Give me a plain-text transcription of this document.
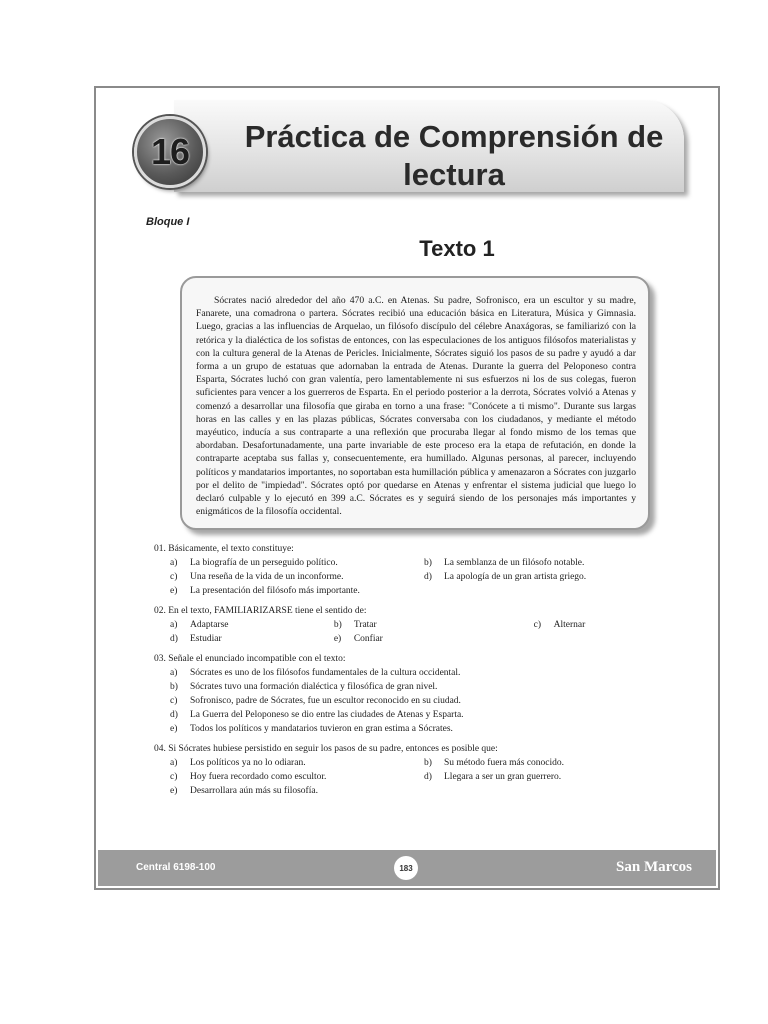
16	Práctica de Comprensión de
lectura
Bloque I
Texto 1
Sócrates nació alrededor del año 470 a.C. en Atenas. Su padre, Sofronisco, era un escultor y su madre, Fanarete, una comadrona o partera. Sócrates recibió una educación básica en Literatura, Música y Gimnasia. Luego, gracias a las influencias de Arquelao, un filósofo discípulo del célebre Anaxágoras, se familiarizó con la retórica y la dialéctica de los sofistas de entonces, con las especulaciones de los antiguos filósofos materialistas y con la cultura general de la Atenas de Pericles. Inicialmente, Sócrates siguió los pasos de su padre y ayudó a dar forma a un grupo de estatuas que adornaban la entrada de Atenas. Durante la guerra del Peloponeso contra Esparta, Sócrates luchó con gran valentía, pero lamentablemente ni sus esfuerzos ni los de sus colegas, fueron suficientes para vencer a los guerreros de Esparta. En el periodo posterior a la derrota, Sócrates volvió a Atenas y comenzó a desarrollar una filosofía que giraba en torno a una frase: "Conócete a ti mismo". Durante sus largas horas en las calles y en las plazas públicas, Sócrates conversaba con los ciudadanos, y mediante el método mayéutico, inducía a sus contraparte a una reflexión que procuraba llegar al fondo mismo de los temas que abordaban. Desafortunadamente, una parte invariable de este proceso era la etapa de refutación, en donde la contraparte aceptaba sus fallas y, consecuentemente, era humillado. Algunas personas, al parecer, incluyendo políticos y mandatarios importantes, no soportaban esta humillación pública y amenazaron a Sócrates con juzgarlo por el delito de "impiedad". Sócrates optó por quedarse en Atenas y enfrentar el sistema judicial que luego lo declaró culpable y lo ejecutó en 399 a.C. Sócrates es y seguirá siendo de los personajes más importantes y enigmáticos de la filosofía occidental.
01. Básicamente, el texto constituye:
a) La biografía de un perseguido político.	b) La semblanza de un filósofo notable.
c) Una reseña de la vida de un inconforme.	d) La apología de un gran artista griego.
e) La presentación del filósofo más importante.
02. En el texto, FAMILIARIZARSE tiene el sentido de:
a) Adaptarse	b) Tratar	c) Alternar
d) Estudiar	e) Confiar
03. Señale el enunciado incompatible con el texto:
a) Sócrates es uno de los filósofos fundamentales de la cultura occidental.
b) Sócrates tuvo una formación dialéctica y filosófica de gran nivel.
c) Sofronisco, padre de Sócrates, fue un escultor reconocido en su ciudad.
d) La Guerra del Peloponeso se dio entre las ciudades de Atenas y Esparta.
e) Todos los políticos y mandatarios tuvieron en gran estima a Sócrates.
04. Si Sócrates hubiese persistido en seguir los pasos de su padre, entonces es posible que:
a) Los políticos ya no lo odiaran.	b) Su método fuera más conocido.
c) Hoy fuera recordado como escultor.	d) Llegara a ser un gran guerrero.
e) Desarrollara aún más su filosofía.
Central 6198-100	183	San Marcos
